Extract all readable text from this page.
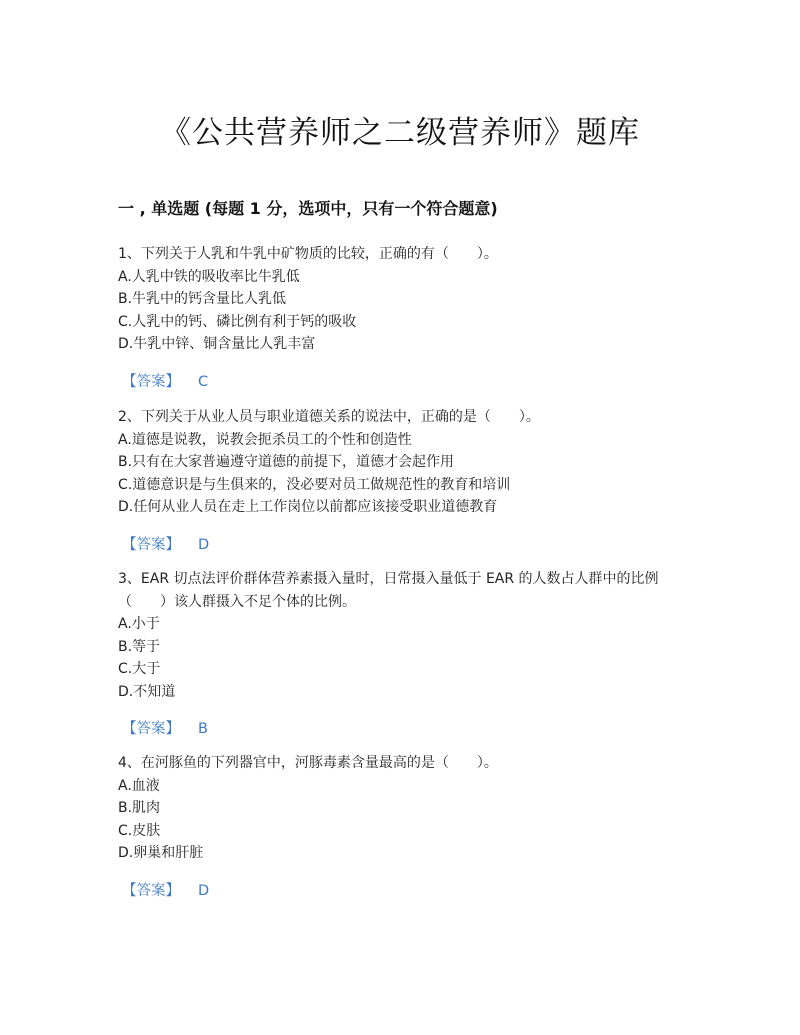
《公共营养师之二级营养师》题库
一 , 单选题 (每题 1 分，选项中，只有一个符合题意)
1、下列关于人乳和牛乳中矿物质的比较，正确的有（　　）。
A.人乳中铁的吸收率比牛乳低
B.牛乳中的钙含量比人乳低
C.人乳中的钙、磷比例有利于钙的吸收
D.牛乳中锌、铜含量比人乳丰富
【答案】 C
2、下列关于从业人员与职业道德关系的说法中，正确的是（　　）。
A.道德是说教，说教会扼杀员工的个性和创造性
B.只有在大家普遍遵守道德的前提下，道德才会起作用
C.道德意识是与生俱来的，没必要对员工做规范性的教育和培训
D.任何从业人员在走上工作岗位以前都应该接受职业道德教育
【答案】 D
3、EAR 切点法评价群体营养素摄入量时，日常摄入量低于 EAR 的人数占人群中的比例（　　）该人群摄入不足个体的比例。
A.小于
B.等于
C.大于
D.不知道
【答案】 B
4、在河豚鱼的下列器官中，河豚毒素含量最高的是（　　）。
A.血液
B.肌肉
C.皮肤
D.卵巢和肝脏
【答案】 D
